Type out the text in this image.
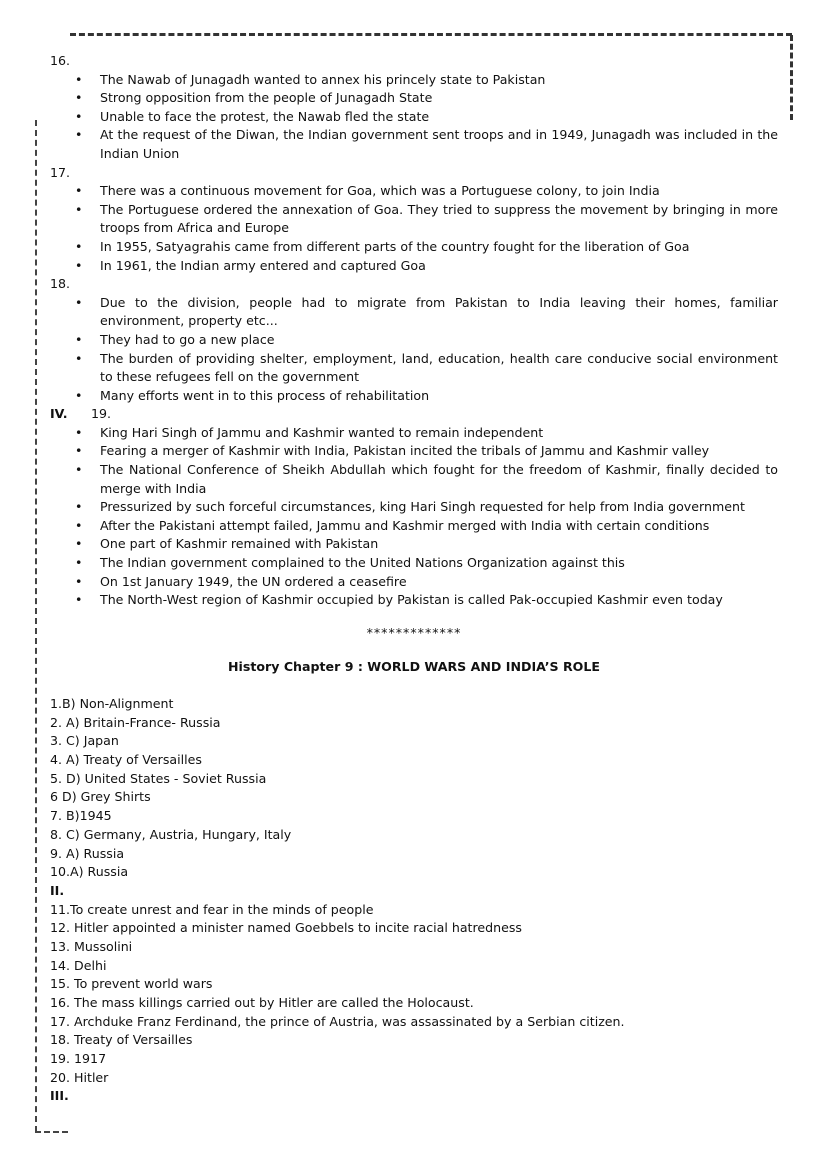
16.
• The Nawab of Junagadh wanted to annex his princely state to Pakistan
• Strong opposition from the people of Junagadh State
• Unable to face the protest, the Nawab fled the state
• At the request of the Diwan, the Indian government sent troops and in 1949, Junagadh was included in the Indian Union
17.
• There was a continuous movement for Goa, which was a Portuguese colony, to join India
• The Portuguese ordered the annexation of Goa. They tried to suppress the movement by bringing in more troops from Africa and Europe
• In 1955, Satyagrahis came from different parts of the country fought for the liberation of Goa
• In 1961, the Indian army entered and captured Goa
18.
• Due to the division, people had to migrate from Pakistan to India leaving their homes, familiar environment, property etc...
• They had to go a new place
• The burden of providing shelter, employment, land, education, health care conducive social environment to these refugees fell on the government
• Many efforts went in to this process of rehabilitation
IV. 19.
• King Hari Singh of Jammu and Kashmir wanted to remain independent
• Fearing a merger of Kashmir with India, Pakistan incited the tribals of Jammu and Kashmir valley
• The National Conference of Sheikh Abdullah which fought for the freedom of Kashmir, finally decided to merge with India
• Pressurized by such forceful circumstances, king Hari Singh requested for help from India government
• After the Pakistani attempt failed, Jammu and Kashmir merged with India with certain conditions
• One part of Kashmir remained with Pakistan
• The Indian government complained to the United Nations Organization against this
• On 1st January 1949, the UN ordered a ceasefire
• The North-West region of Kashmir occupied by Pakistan is called Pak-occupied Kashmir even today
*************
History Chapter 9 : WORLD WARS AND INDIA’S ROLE
1.B) Non-Alignment
2. A) Britain-France- Russia
3. C) Japan
4. A) Treaty of Versailles
5. D) United States - Soviet Russia
6 D) Grey Shirts
7. B)1945
8. C) Germany, Austria, Hungary, Italy
9. A) Russia
10.A) Russia
II.
11.To create unrest and fear in the minds of people
12. Hitler appointed a minister named Goebbels to incite racial hatredness
13. Mussolini
14. Delhi
15. To prevent world wars
16. The mass killings carried out by Hitler are called the Holocaust.
17. Archduke Franz Ferdinand, the prince of Austria, was assassinated by a Serbian citizen.
18. Treaty of Versailles
19. 1917
20. Hitler
III.
